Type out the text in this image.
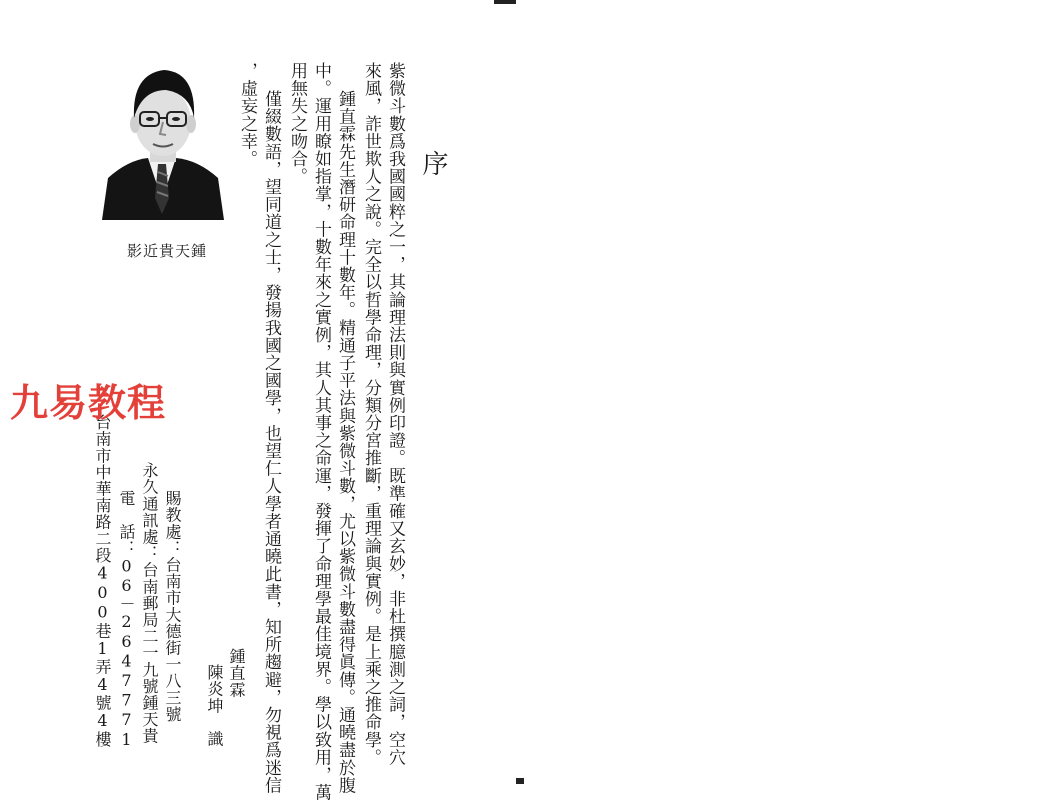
序
紫微斗數爲我國國粹之一，其論理法則與實例印證。既準確又玄妙，非杜撰臆測之詞，空穴
來風，詐世欺人之說。完全以哲學命理，分類分宮推斷，重理論與實例。是上乘之推命學。
鍾直霖先生潛研命理十數年。精通子平法與紫微斗數，尤以紫微斗數盡得眞傳。通曉盡於腹
中。運用瞭如指掌，十數年來之實例，其人其事之命運，發揮了命理學最佳境界。學以致用，萬
用無失之吻合。
僅綴數語，望同道之士，發揚我國之國學，也望仁人學者通曉此書，知所趨避，勿視爲迷信
，虛妄之幸。
鍾直霖
陳炎坤　識
賜教處：台南市大德街一八三號
永久通訊處：台南郵局二一九號鍾天貴
電　話：06－2647771
台南市中華南路二段400巷1弄4號4樓
影近貴天鍾
九易教程
